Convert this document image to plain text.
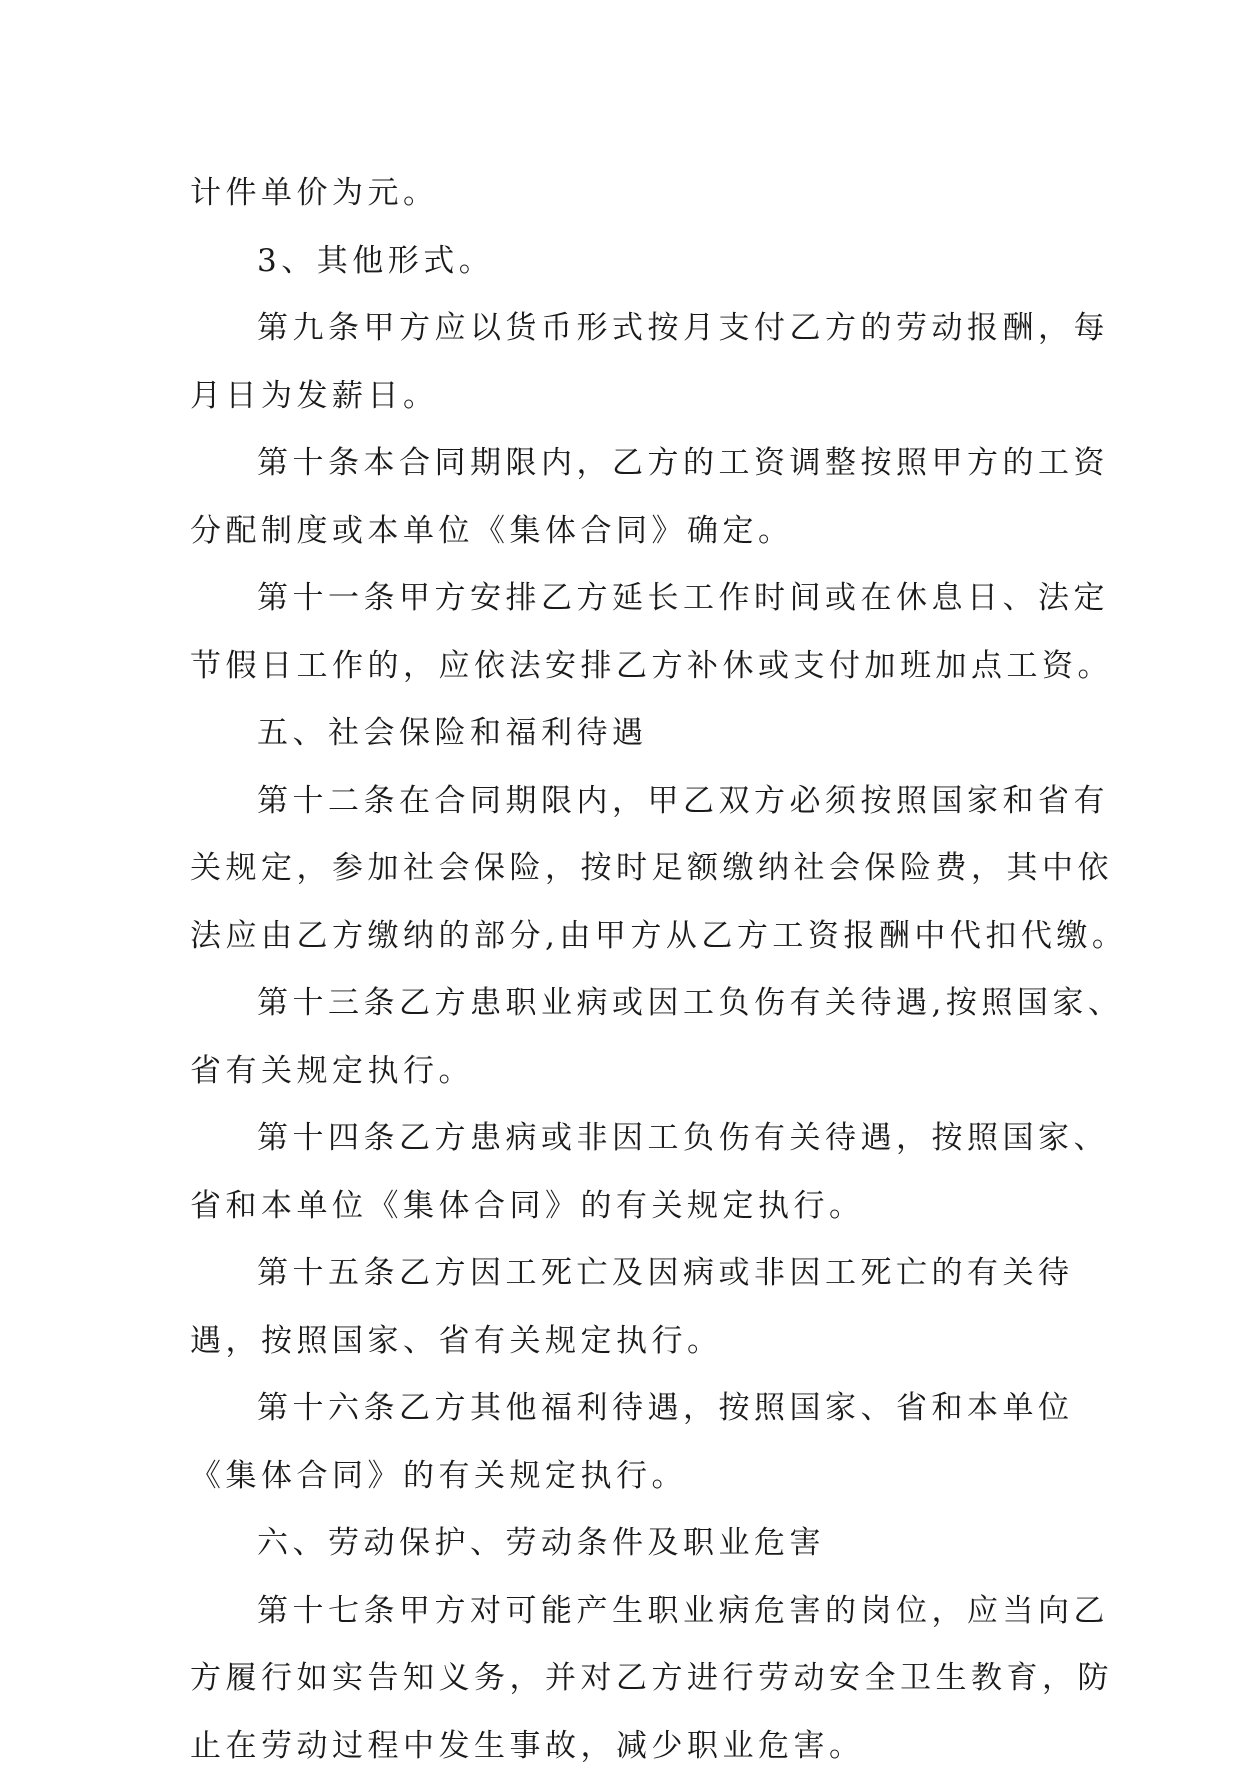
计件单价为元。
3、其他形式。
第九条甲方应以货币形式按月支付乙方的劳动报酬，每
月日为发薪日。
第十条本合同期限内，乙方的工资调整按照甲方的工资
分配制度或本单位《集体合同》确定。
第十一条甲方安排乙方延长工作时间或在休息日、法定
节假日工作的，应依法安排乙方补休或支付加班加点工资。
五、社会保险和福利待遇
第十二条在合同期限内，甲乙双方必须按照国家和省有
关规定，参加社会保险，按时足额缴纳社会保险费，其中依
法应由乙方缴纳的部分,由甲方从乙方工资报酬中代扣代缴。
第十三条乙方患职业病或因工负伤有关待遇,按照国家、
省有关规定执行。
第十四条乙方患病或非因工负伤有关待遇，按照国家、
省和本单位《集体合同》的有关规定执行。
第十五条乙方因工死亡及因病或非因工死亡的有关待
遇，按照国家、省有关规定执行。
第十六条乙方其他福利待遇，按照国家、省和本单位
《集体合同》的有关规定执行。
六、劳动保护、劳动条件及职业危害
第十七条甲方对可能产生职业病危害的岗位，应当向乙
方履行如实告知义务，并对乙方进行劳动安全卫生教育，防
止在劳动过程中发生事故，减少职业危害。
